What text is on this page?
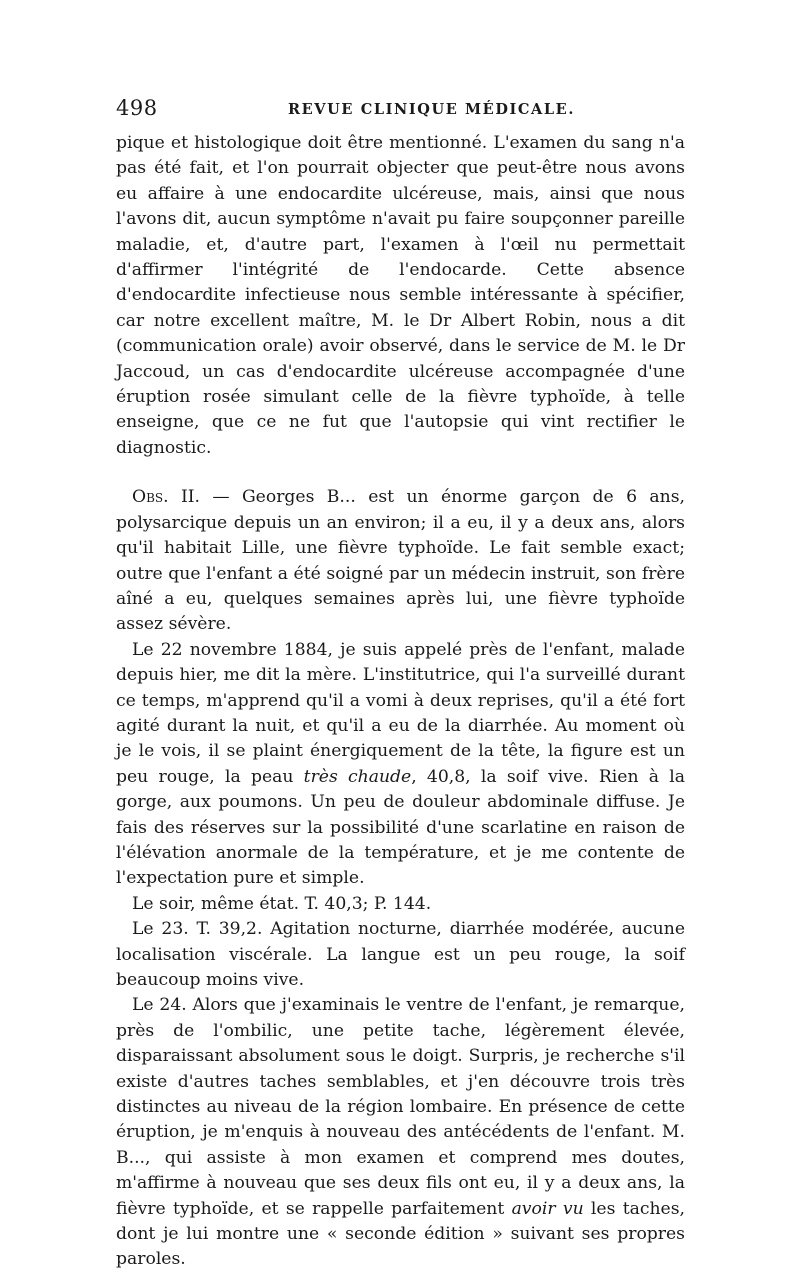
498	REVUE CLINIQUE MÉDICALE.

pique et histologique doit être mentionné. L'examen du sang n'a pas été fait, et l'on pourrait objecter que peut-être nous avons eu affaire à une endocardite ulcéreuse, mais, ainsi que nous l'avons dit, aucun symptôme n'avait pu faire soupçonner pareille maladie, et, d'autre part, l'examen à l'œil nu permettait d'affirmer l'intégrité de l'endocarde. Cette absence d'endocardite infectieuse nous semble intéressante à spécifier, car notre excellent maître, M. le Dr Albert Robin, nous a dit (communication orale) avoir observé, dans le service de M. le Dr Jaccoud, un cas d'endocardite ulcéreuse accompagnée d'une éruption rosée simulant celle de la fièvre typhoïde, à telle enseigne, que ce ne fut que l'autopsie qui vint rectifier le diagnostic.

Obs. II. — Georges B... est un énorme garçon de 6 ans, polysarcique depuis un an environ; il a eu, il y a deux ans, alors qu'il habitait Lille, une fièvre typhoïde. Le fait semble exact; outre que l'enfant a été soigné par un médecin instruit, son frère aîné a eu, quelques semaines après lui, une fièvre typhoïde assez sévère.

Le 22 novembre 1884, je suis appelé près de l'enfant, malade depuis hier, me dit la mère. L'institutrice, qui l'a surveillé durant ce temps, m'apprend qu'il a vomi à deux reprises, qu'il a été fort agité durant la nuit, et qu'il a eu de la diarrhée. Au moment où je le vois, il se plaint énergiquement de la tête, la figure est un peu rouge, la peau très chaude, 40,8, la soif vive. Rien à la gorge, aux poumons. Un peu de douleur abdominale diffuse. Je fais des réserves sur la possibilité d'une scarlatine en raison de l'élévation anormale de la température, et je me contente de l'expectation pure et simple.

Le soir, même état. T. 40,3; P. 144.

Le 23. T. 39,2. Agitation nocturne, diarrhée modérée, aucune localisation viscérale. La langue est un peu rouge, la soif beaucoup moins vive.

Le 24. Alors que j'examinais le ventre de l'enfant, je remarque, près de l'ombilic, une petite tache, légèrement élevée, disparaissant absolument sous le doigt. Surpris, je recherche s'il existe d'autres taches semblables, et j'en découvre trois très distinctes au niveau de la région lombaire. En présence de cette éruption, je m'enquis à nouveau des antécédents de l'enfant. M. B..., qui assiste à mon examen et comprend mes doutes, m'affirme à nouveau que ses deux fils ont eu, il y a deux ans, la fièvre typhoïde, et se rappelle parfaitement avoir vu les taches, dont je lui montre une « seconde édition » suivant ses propres paroles.
